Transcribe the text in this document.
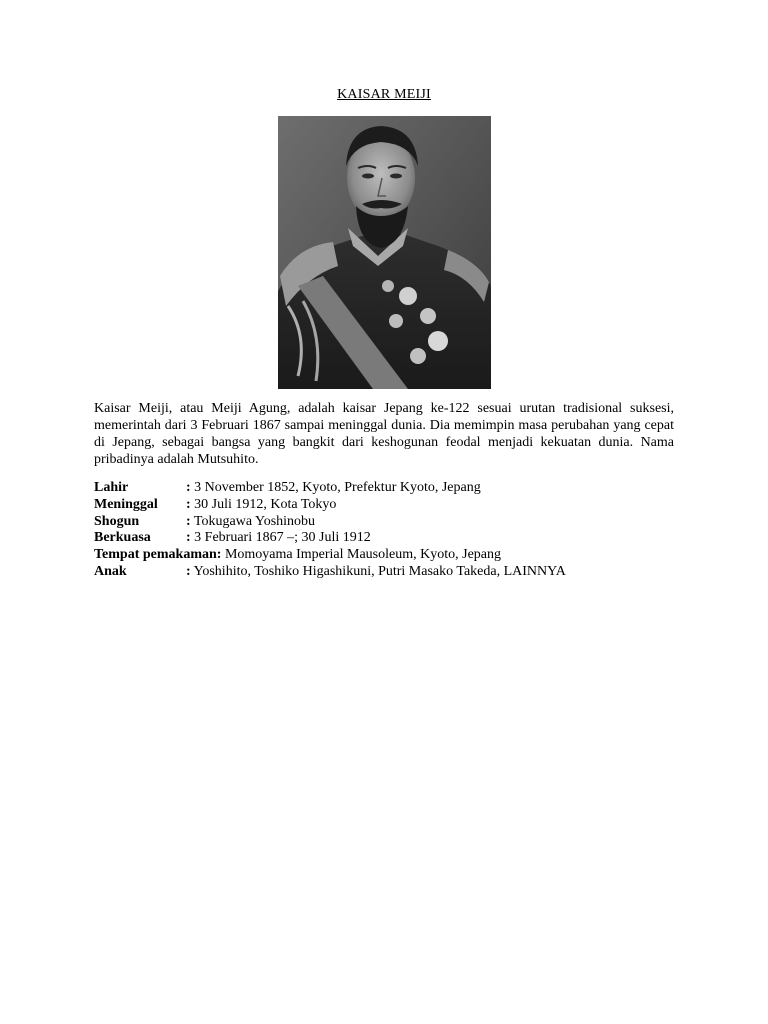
KAISAR MEIJI

Kaisar Meiji, atau Meiji Agung, adalah kaisar Jepang ke-122 sesuai urutan tradisional suksesi, memerintah dari 3 Februari 1867 sampai meninggal dunia. Dia memimpin masa perubahan yang cepat di Jepang, sebagai bangsa yang bangkit dari keshogunan feodal menjadi kekuatan dunia. Nama pribadinya adalah Mutsuhito.

Lahir	: 3 November 1852, Kyoto, Prefektur Kyoto, Jepang
Meninggal : 30 Juli 1912, Kota Tokyo
Shogun	: Tokugawa Yoshinobu
Berkuasa	: 3 Februari 1867 –; 30 Juli 1912
Tempat pemakaman: Momoyama Imperial Mausoleum, Kyoto, Jepang
Anak	: Yoshihito, Toshiko Higashikuni, Putri Masako Takeda, LAINNYA
